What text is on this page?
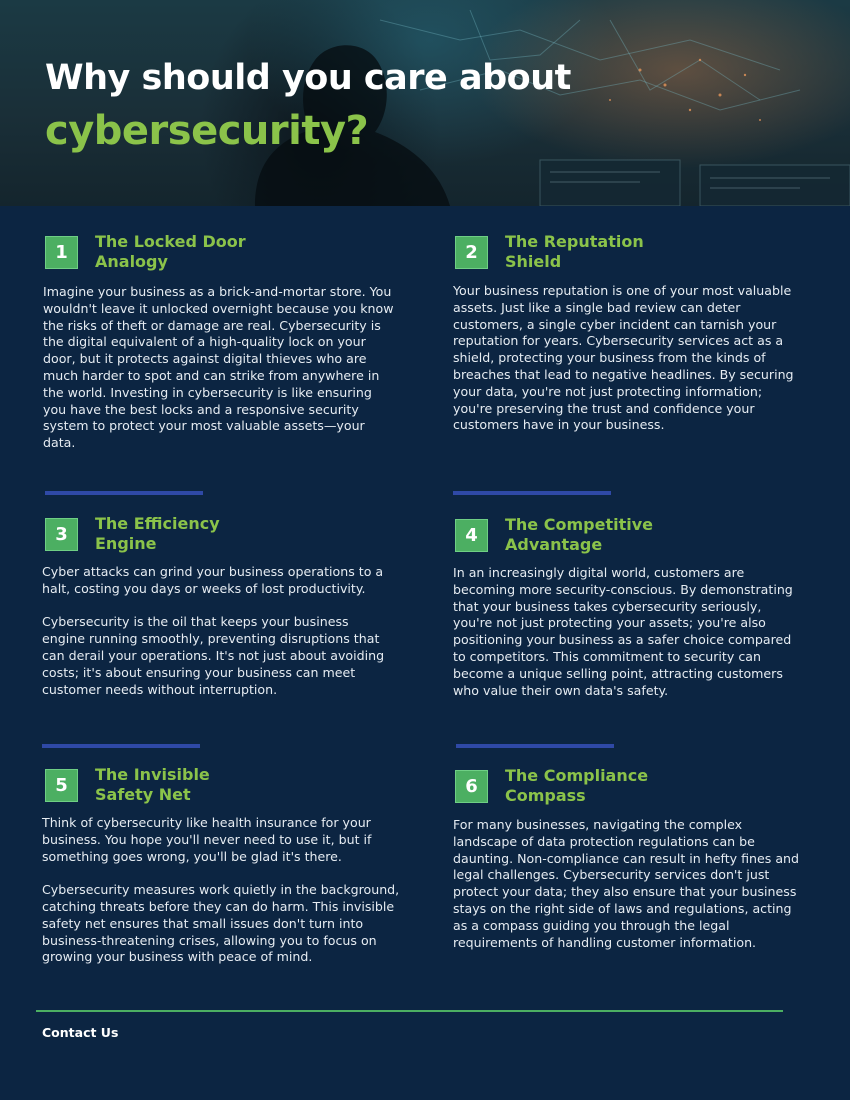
Why should you care about
cybersecurity?
1
The Locked Door Analogy

Imagine your business as a brick-and-mortar store. You wouldn't leave it unlocked overnight because you know the risks of theft or damage are real. Cybersecurity is the digital equivalent of a high-quality lock on your door, but it protects against digital thieves who are much harder to spot and can strike from anywhere in the world. Investing in cybersecurity is like ensuring you have the best locks and a responsive security system to protect your most valuable assets—your data.

2
The Reputation Shield

Your business reputation is one of your most valuable assets. Just like a single bad review can deter customers, a single cyber incident can tarnish your reputation for years. Cybersecurity services act as a shield, protecting your business from the kinds of breaches that lead to negative headlines. By securing your data, you're not just protecting information; you're preserving the trust and confidence your customers have in your business.

3
The Efficiency Engine

Cyber attacks can grind your business operations to a halt, costing you days or weeks of lost productivity.

Cybersecurity is the oil that keeps your business engine running smoothly, preventing disruptions that can derail your operations. It's not just about avoiding costs; it's about ensuring your business can meet customer needs without interruption.

4
The Competitive Advantage

In an increasingly digital world, customers are becoming more security-conscious. By demonstrating that your business takes cybersecurity seriously, you're not just protecting your assets; you're also positioning your business as a safer choice compared to competitors. This commitment to security can become a unique selling point, attracting customers who value their own data's safety.

5
The Invisible Safety Net

Think of cybersecurity like health insurance for your business. You hope you'll never need to use it, but if something goes wrong, you'll be glad it's there.

Cybersecurity measures work quietly in the background, catching threats before they can do harm. This invisible safety net ensures that small issues don't turn into business-threatening crises, allowing you to focus on growing your business with peace of mind.

6
The Compliance Compass

For many businesses, navigating the complex landscape of data protection regulations can be daunting. Non-compliance can result in hefty fines and legal challenges. Cybersecurity services don't just protect your data; they also ensure that your business stays on the right side of laws and regulations, acting as a compass guiding you through the legal requirements of handling customer information.

Contact Us
